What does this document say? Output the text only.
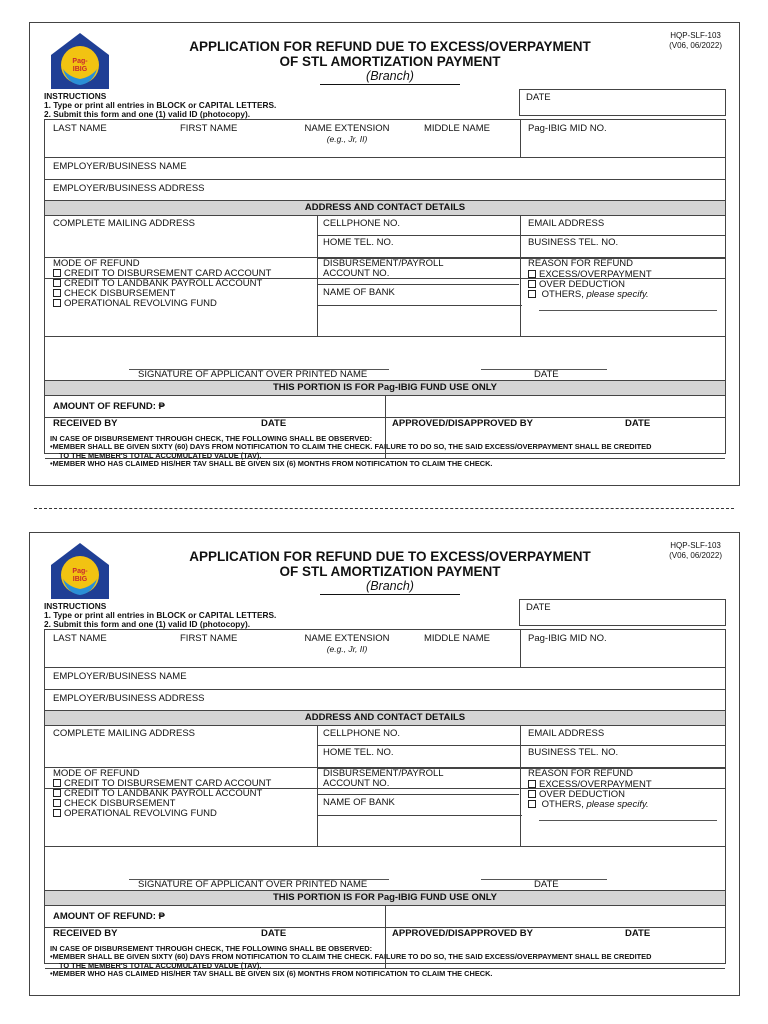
Pag-
IBIG
APPLICATION FOR REFUND DUE TO EXCESS/OVERPAYMENT
OF STL AMORTIZATION PAYMENT
(Branch)
HQP-SLF-103
(V06, 06/2022)
INSTRUCTIONS
1. Type or print all entries in BLOCK or CAPITAL LETTERS.
2. Submit this form and one (1) valid ID (photocopy).
DATE
LAST NAME	FIRST NAME	NAME EXTENSION
(e.g., Jr, II)
MIDDLE NAME	Pag-IBIG MID NO.
EMPLOYER/BUSINESS NAME
EMPLOYER/BUSINESS ADDRESS
ADDRESS AND CONTACT DETAILS
COMPLETE MAILING ADDRESS	CELLPHONE NO.	EMAIL ADDRESS
HOME TEL. NO.	BUSINESS TEL. NO.
MODE OF REFUND
CREDIT TO DISBURSEMENT CARD ACCOUNT
CREDIT TO LANDBANK PAYROLL ACCOUNT
CHECK DISBURSEMENT
OPERATIONAL REVOLVING FUND
DISBURSEMENT/PAYROLL
ACCOUNT NO.
NAME OF BANK
REASON FOR REFUND
EXCESS/OVERPAYMENT
OVER DEDUCTION
OTHERS, please specify.
SIGNATURE OF APPLICANT OVER PRINTED NAME	DATE
THIS PORTION IS FOR Pag-IBIG FUND USE ONLY
AMOUNT OF REFUND: ₱
RECEIVED BY	DATE	APPROVED/DISAPPROVED BY	DATE
IN CASE OF DISBURSEMENT THROUGH CHECK, THE FOLLOWING SHALL BE OBSERVED:
• MEMBER SHALL BE GIVEN SIXTY (60) DAYS FROM NOTIFICATION TO CLAIM THE CHECK. FAILURE TO DO SO, THE SAID EXCESS/OVERPAYMENT SHALL BE CREDITED
TO THE MEMBER'S TOTAL ACCUMULATED VALUE (TAV).
• MEMBER WHO HAS CLAIMED HIS/HER TAV SHALL BE GIVEN SIX (6) MONTHS FROM NOTIFICATION TO CLAIM THE CHECK.
Pag-
IBIG
APPLICATION FOR REFUND DUE TO EXCESS/OVERPAYMENT
OF STL AMORTIZATION PAYMENT
(Branch)
HQP-SLF-103
(V06, 06/2022)
INSTRUCTIONS
1. Type or print all entries in BLOCK or CAPITAL LETTERS.
2. Submit this form and one (1) valid ID (photocopy).
DATE
LAST NAME	FIRST NAME	NAME EXTENSION
(e.g., Jr, II)
MIDDLE NAME	Pag-IBIG MID NO.
EMPLOYER/BUSINESS NAME
EMPLOYER/BUSINESS ADDRESS
ADDRESS AND CONTACT DETAILS
COMPLETE MAILING ADDRESS	CELLPHONE NO.	EMAIL ADDRESS
HOME TEL. NO.	BUSINESS TEL. NO.
MODE OF REFUND
CREDIT TO DISBURSEMENT CARD ACCOUNT
CREDIT TO LANDBANK PAYROLL ACCOUNT
CHECK DISBURSEMENT
OPERATIONAL REVOLVING FUND
DISBURSEMENT/PAYROLL
ACCOUNT NO.
NAME OF BANK
REASON FOR REFUND
EXCESS/OVERPAYMENT
OVER DEDUCTION
OTHERS, please specify.
SIGNATURE OF APPLICANT OVER PRINTED NAME	DATE
THIS PORTION IS FOR Pag-IBIG FUND USE ONLY
AMOUNT OF REFUND: ₱
RECEIVED BY	DATE	APPROVED/DISAPPROVED BY	DATE
IN CASE OF DISBURSEMENT THROUGH CHECK, THE FOLLOWING SHALL BE OBSERVED:
• MEMBER SHALL BE GIVEN SIXTY (60) DAYS FROM NOTIFICATION TO CLAIM THE CHECK. FAILURE TO DO SO, THE SAID EXCESS/OVERPAYMENT SHALL BE CREDITED
TO THE MEMBER'S TOTAL ACCUMULATED VALUE (TAV).
• MEMBER WHO HAS CLAIMED HIS/HER TAV SHALL BE GIVEN SIX (6) MONTHS FROM NOTIFICATION TO CLAIM THE CHECK.
